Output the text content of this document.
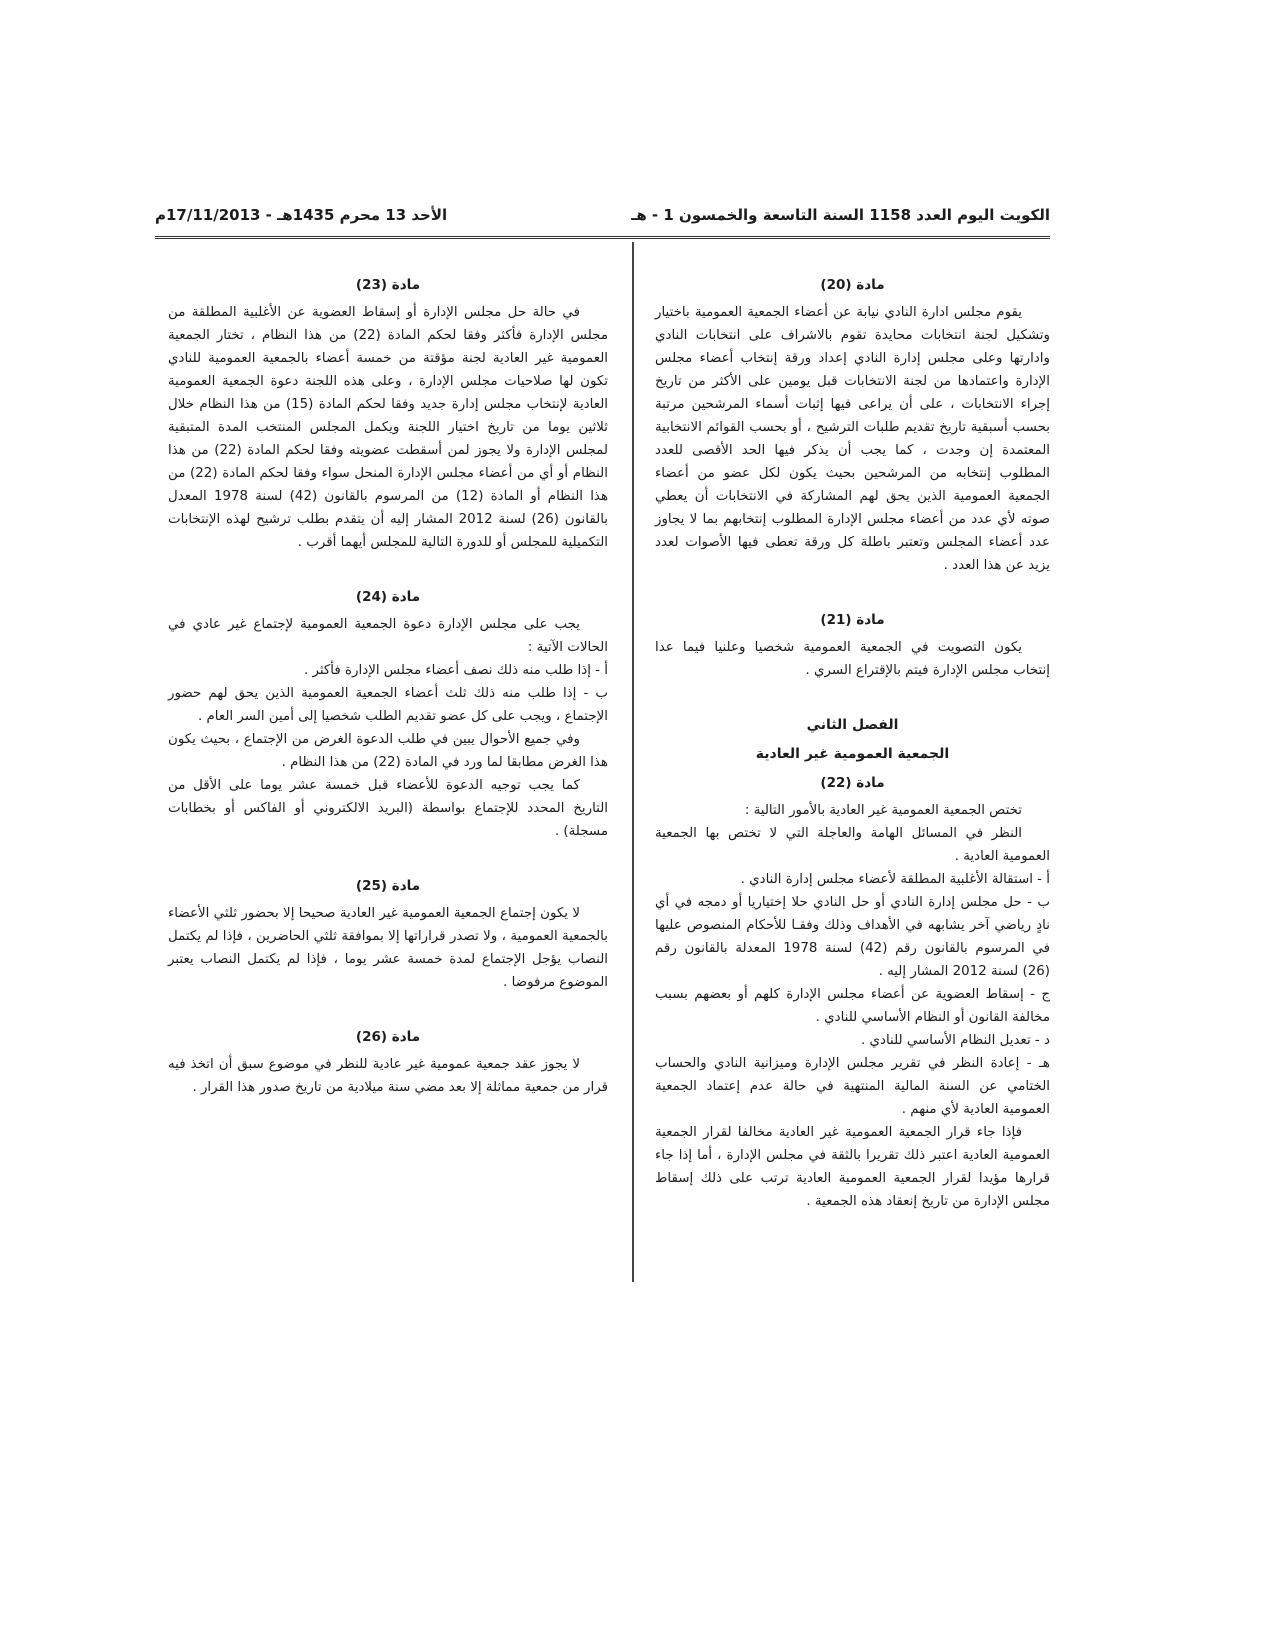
الكويت اليوم العدد 1158 السنة التاسعة والخمسون 1 - هـ
الأحد 13 محرم 1435هـ - 17/11/2013م
مادة (20)

يقوم مجلس ادارة النادي نيابة عن أعضاء الجمعية العمومية باختيار وتشكيل لجنة انتخابات محايدة تقوم بالاشراف على انتخابات النادي وادارتها وعلى مجلس إدارة النادي إعداد ورقة إنتخاب أعضاء مجلس الإدارة واعتمادها من لجنة الانتخابات قبل يومين على الأكثر من تاريخ إجراء الانتخابات ، على أن يراعى فيها إثبات أسماء المرشحين مرتبة بحسب أسبقية تاريخ تقديم طلبات الترشيح ، أو بحسب القوائم الانتخابية المعتمدة إن وجدت ، كما يجب أن يذكر فيها الحد الأقصى للعدد المطلوب إنتخابه من المرشحين بحيث يكون لكل عضو من أعضاء الجمعية العمومية الذين يحق لهم المشاركة في الانتخابات أن يعطي صوته لأي عدد من أعضاء مجلس الإدارة المطلوب إنتخابهم بما لا يجاوز عدد أعضاء المجلس وتعتبر باطلة كل ورقة تعطى فيها الأصوات لعدد يزيد عن هذا العدد .

مادة (21)

يكون التصويت في الجمعية العمومية شخصيا وعلنيا فيما عدا إنتخاب مجلس الإدارة فيتم بالإقتراع السري .

الفصل الثاني
الجمعية العمومية غير العادية
مادة (22)

تختص الجمعية العمومية غير العادية بالأمور التالية :

النظر في المسائل الهامة والعاجلة التي لا تختص بها الجمعية العمومية العادية .

أ - استقالة الأغلبية المطلقة لأعضاء مجلس إدارة النادي .

ب - حل مجلس إدارة النادي أو حل النادي حلا إختياريا أو دمجه في أي نادٍ رياضي آخر يشابهه في الأهداف وذلك وفقـا للأحكام المنصوص عليها في المرسوم بالقانون رقم (42) لسنة 1978 المعدلة بالقانون رقم (26) لسنة 2012 المشار إليه .

ج - إسقاط العضوية عن أعضاء مجلس الإدارة كلهم أو بعضهم بسبب مخالفة القانون أو النظام الأساسي للنادي .

د - تعديل النظام الأساسي للنادي .

هـ - إعادة النظر في تقرير مجلس الإدارة وميزانية النادي والحساب الختامي عن السنة المالية المنتهية في حالة عدم إعتماد الجمعية العمومية العادية لأي منهم .

فإذا جاء قرار الجمعية العمومية غير العادية مخالفا لقرار الجمعية العمومية العادية اعتبر ذلك تقريرا بالثقة في مجلس الإدارة ، أما إذا جاء قرارها مؤيدا لقرار الجمعية العمومية العادية ترتب على ذلك إسقاط مجلس الإدارة من تاريخ إنعقاد هذه الجمعية .

مادة (23)

في حالة حل مجلس الإدارة أو إسقاط العضوية عن الأغلبية المطلقة من مجلس الإدارة فأكثر وفقا لحكم المادة (22) من هذا النظام ، تختار الجمعية العمومية غير العادية لجنة مؤقتة من خمسة أعضاء بالجمعية العمومية للنادي تكون لها صلاحيات مجلس الإدارة ، وعلى هذه اللجنة دعوة الجمعية العمومية العادية لإنتخاب مجلس إدارة جديد وفقا لحكم المادة (15) من هذا النظام خلال ثلاثين يوما من تاريخ اختيار اللجنة ويكمل المجلس المنتخب المدة المتبقية لمجلس الإدارة ولا يجوز لمن أسقطت عضويته وفقا لحكم المادة (22) من هذا النظام أو أي من أعضاء مجلس الإدارة المنحل سواء وفقا لحكم المادة (22) من هذا النظام أو المادة (12) من المرسوم بالقانون (42) لسنة 1978 المعدل بالقانون (26) لسنة 2012 المشار إليه أن يتقدم بطلب ترشيح لهذه الإنتخابات التكميلية للمجلس أو للدورة التالية للمجلس أيهما أقرب .

مادة (24)

يجب على مجلس الإدارة دعوة الجمعية العمومية لإجتماع غير عادي في الحالات الآتية :

أ - إذا طلب منه ذلك نصف أعضاء مجلس الإدارة فأكثر .

ب - إذا طلب منه ذلك ثلث أعضاء الجمعية العمومية الذين يحق لهم حضور الإجتماع ، ويجب على كل عضو تقديم الطلب شخصيا إلى أمين السر العام .

وفي جميع الأحوال يبين في طلب الدعوة الغرض من الإجتماع ، بحيث يكون هذا الغرض مطابقا لما ورد في المادة (22) من هذا النظام .

كما يجب توجيه الدعوة للأعضاء قبل خمسة عشر يوما على الأقل من التاريخ المحدد للإجتماع بواسطة (البريد الالكتروني أو الفاكس أو بخطابات مسجلة) .

مادة (25)

لا يكون إجتماع الجمعية العمومية غير العادية صحيحا إلا بحضور ثلثي الأعضاء بالجمعية العمومية ، ولا تصدر قراراتها إلا بموافقة ثلثي الحاضرين ، فإذا لم يكتمل النصاب يؤجل الإجتماع لمدة خمسة عشر يوما ، فإذا لم يكتمل النصاب يعتبر الموضوع مرفوضا .

مادة (26)

لا يجوز عقد جمعية عمومية غير عادية للنظر في موضوع سبق أن اتخذ فيه قرار من جمعية مماثلة إلا بعد مضي سنة ميلادية من تاريخ صدور هذا القرار .
